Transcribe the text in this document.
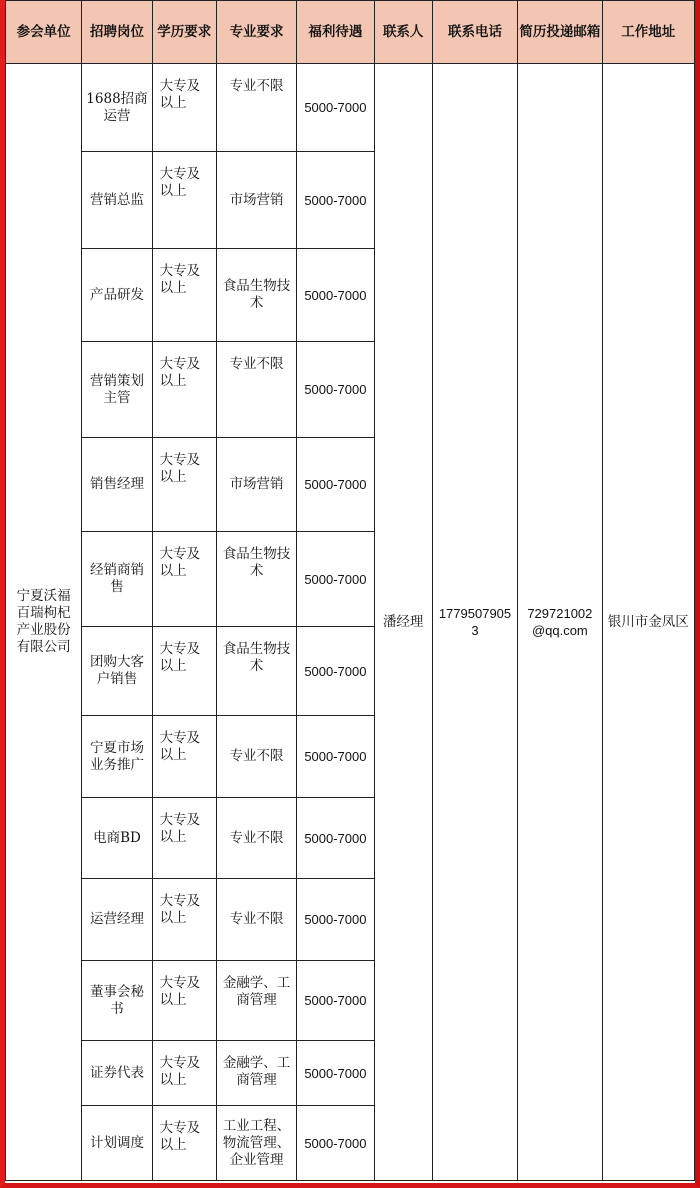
参会单位	招聘岗位	学历要求	专业要求	福利待遇	联系人	联系电话	简历投递邮箱	工作地址
宁夏沃福百瑞枸杞产业股份有限公司	1688招商运营	大专及以上	专业不限	5000-7000	潘经理	17795079053	729721002@qq.com	银川市金凤区
	营销总监	大专及以上	市场营销	5000-7000				
	产品研发	大专及以上	食品生物技术	5000-7000				
	营销策划主管	大专及以上	专业不限	5000-7000				
	销售经理	大专及以上	市场营销	5000-7000				
	经销商销售	大专及以上	食品生物技术	5000-7000				
	团购大客户销售	大专及以上	食品生物技术	5000-7000				
	宁夏市场业务推广	大专及以上	专业不限	5000-7000				
	电商BD	大专及以上	专业不限	5000-7000				
	运营经理	大专及以上	专业不限	5000-7000				
	董事会秘书	大专及以上	金融学、工商管理	5000-7000				
	证券代表	大专及以上	金融学、工商管理	5000-7000				
	计划调度	大专及以上	工业工程、物流管理、企业管理	5000-7000				
